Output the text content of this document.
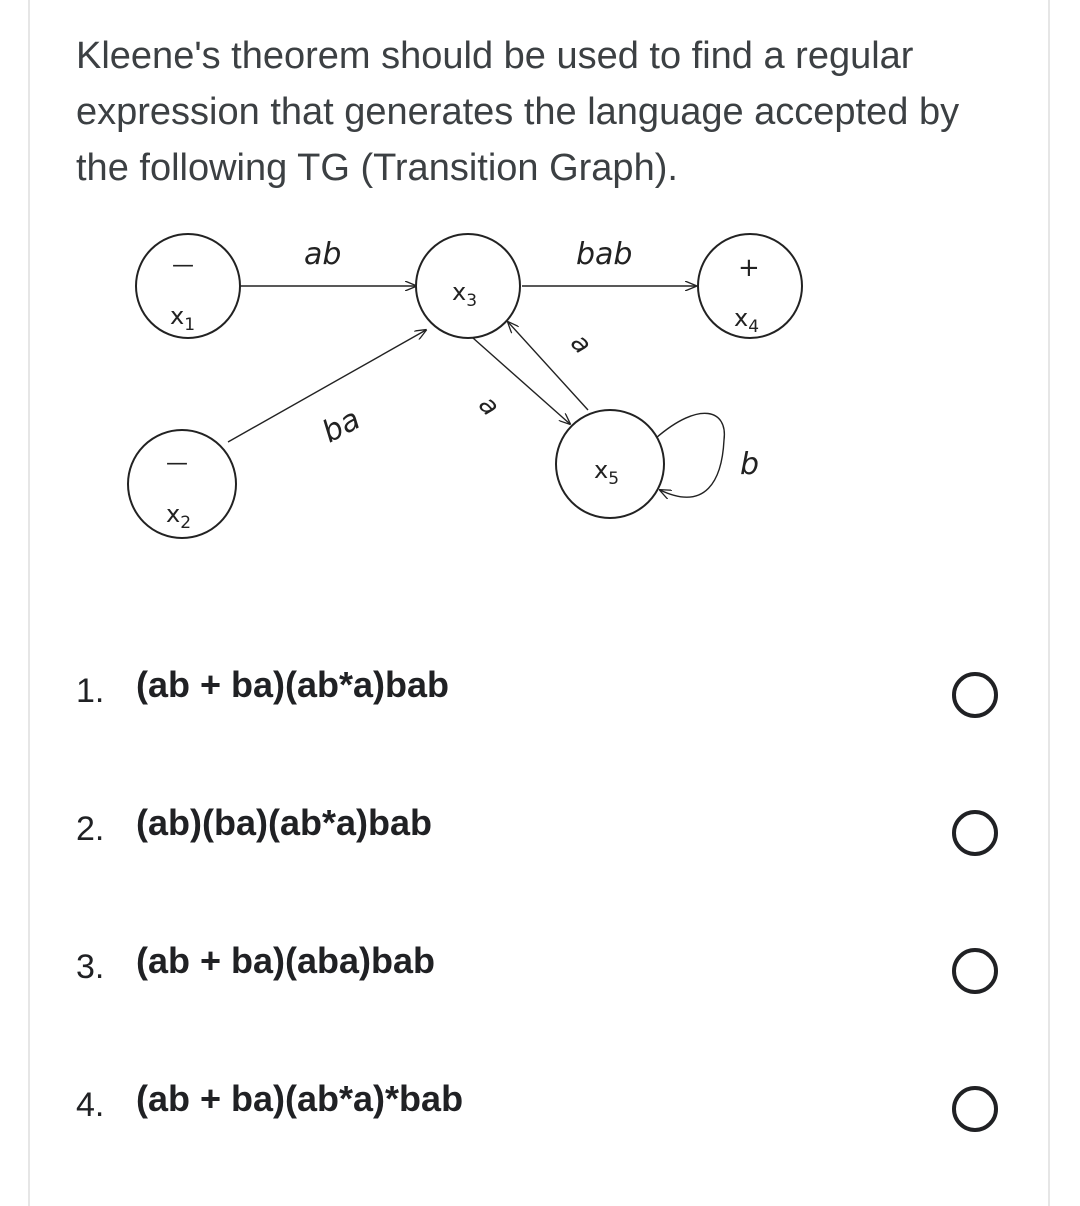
Kleene's theorem should be used to find a regular expression that generates the language accepted by the following TG (Transition Graph).

ab	bab
ba
a
a
b
—
$x_1$
—
$x_2$
$x_3$
+
$x_4$
$x_5$
1. (ab + ba)(ab*a)bab
2. (ab)(ba)(ab*a)bab
3. (ab + ba)(aba)bab
4. (ab + ba)(ab*a)*bab
